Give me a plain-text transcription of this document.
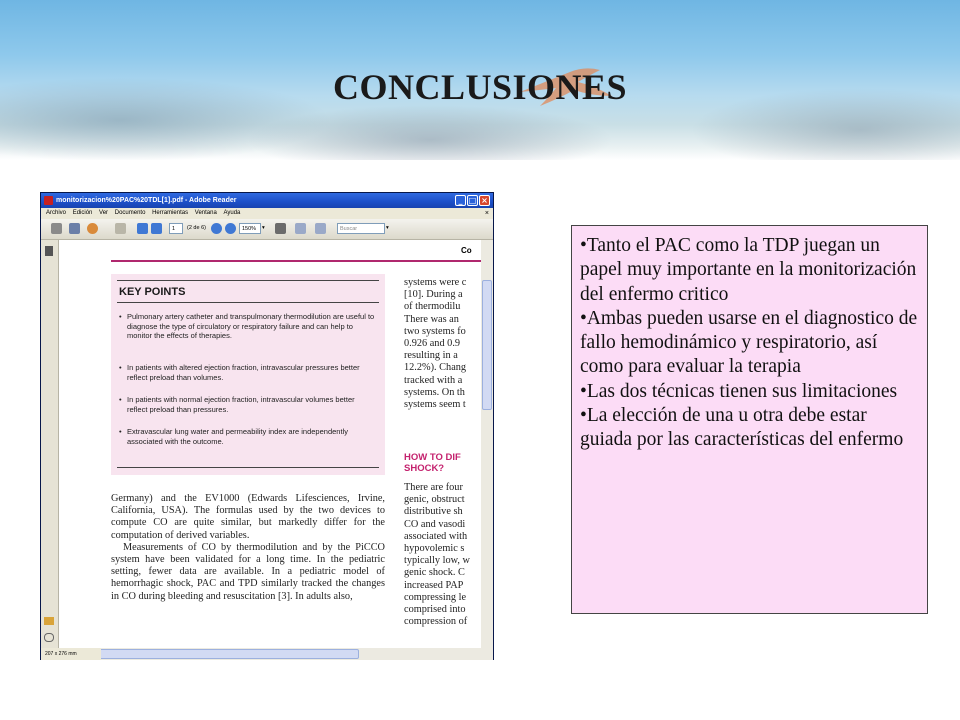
CONCLUSIONES
monitorizacion%20PAC%20TDL[1].pdf - Adobe Reader	_ □ ×
Archivo Edición Ver Documento Herramientas Ventana Ayuda	×
1	(2 de 6)	150%	▾	Buscar	▾
Co
KEY POINTS
• Pulmonary artery catheter and transpulmonary thermodilution are useful to diagnose the type of circulatory or respiratory failure and can help to monitor the effects of therapies.
• In patients with altered ejection fraction, intravascular pressures better reflect preload than volumes.
• In patients with normal ejection fraction, intravascular volumes better reflect preload than pressures.
• Extravascular lung water and permeability index are independently associated with the outcome.

Germany) and the EV1000 (Edwards Lifesciences, Irvine, California, USA). The formulas used by the two devices to compute CO are quite similar, but markedly differ for the computation of derived variables.

Measurements of CO by thermodilution and by the PiCCO system have been validated for a long time. In the pediatric setting, fewer data are available. In a pediatric model of hemorrhagic shock, PAC and TPD similarly tracked the changes in CO during bleeding and resuscitation [3]. In adults also,

systems were c
[10]. During a
of thermodilu
There was an
two systems fo
0.926 and 0.9
resulting in a
12.2%). Chang
tracked with a
systems. On th
systems seem t
HOW TO DIF
SHOCK?
There are four
genic, obstruct
distributive sh
CO and vasodi
associated with
hypovolemic s
typically low, w
genic shock. C
increased PAP
compressing le
comprised into
compression of
207 x 276 mm
• Tanto el PAC como la TDP juegan un papel muy importante en la monitorización del enfermo critico
• Ambas pueden usarse en el diagnostico de fallo hemodinámico y respiratorio, así como para evaluar la terapia
• Las dos técnicas tienen sus limitaciones
• La elección de una u otra debe estar guiada por las características del enfermo
